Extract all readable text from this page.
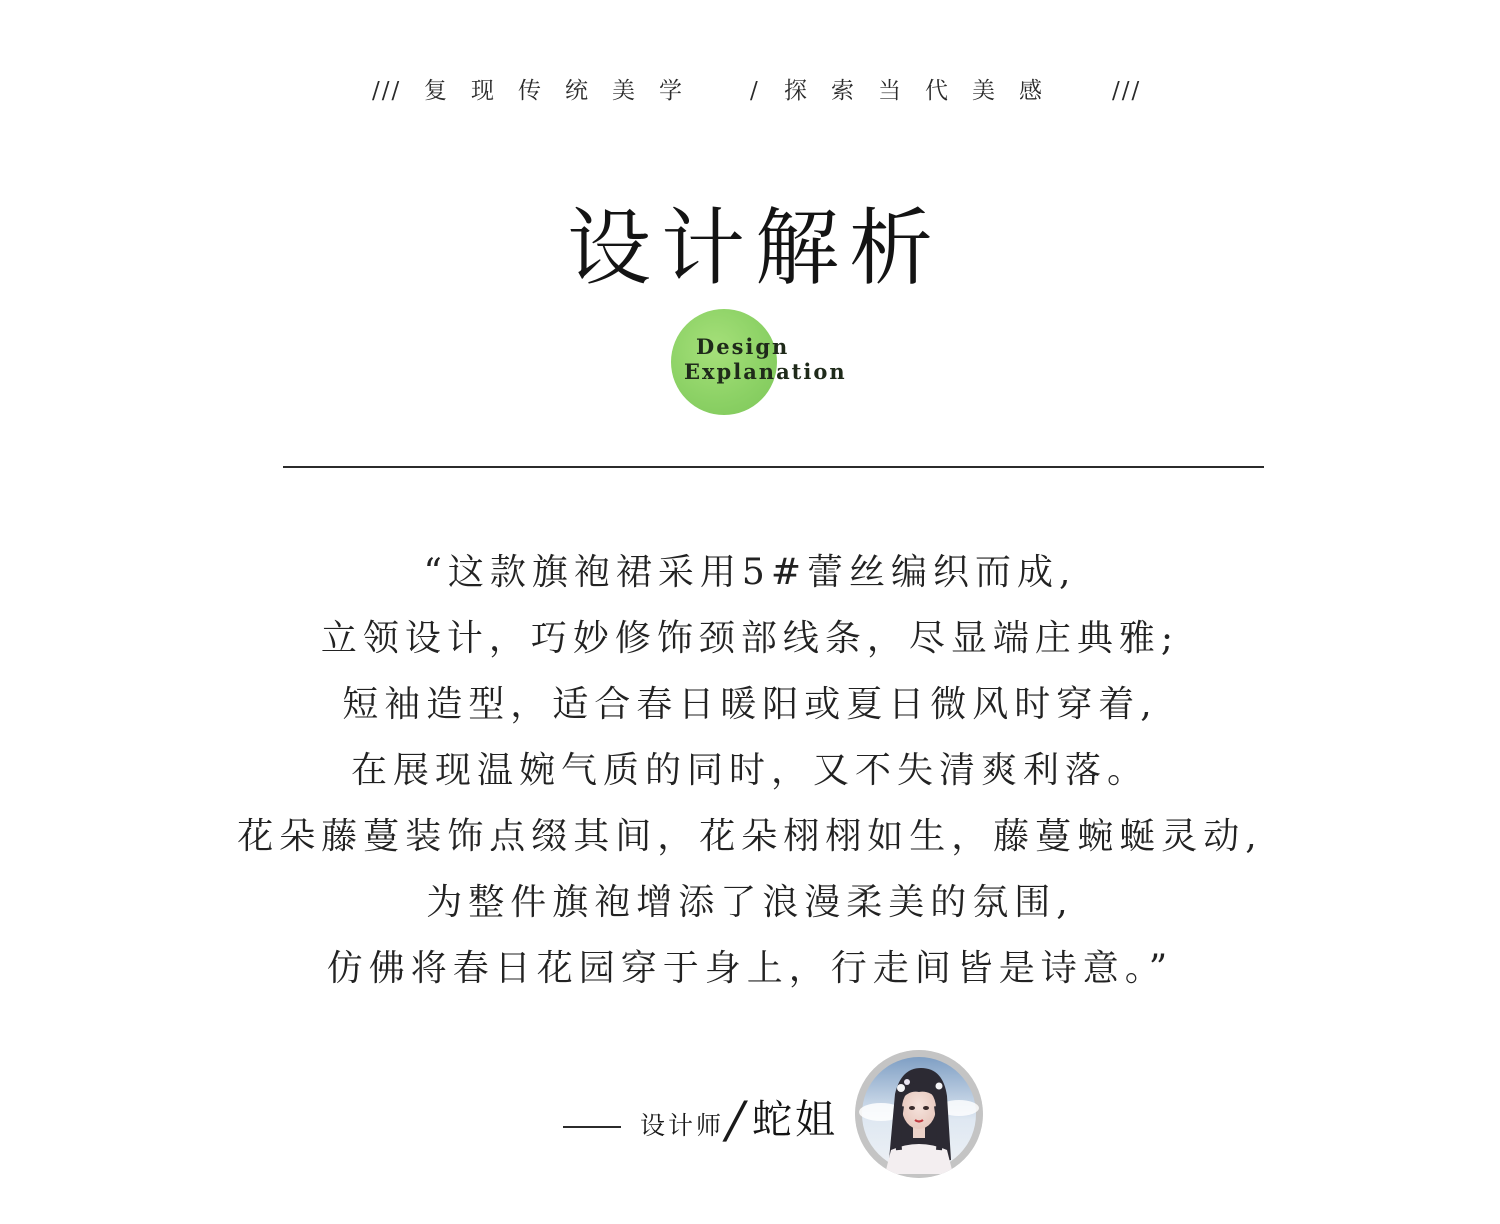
/// 复现传统美学 / 探索当代美感 ///
设计解析
Design
Explanation
“这款旗袍裙采用5#蕾丝编织而成,
立领设计，巧妙修饰颈部线条，尽显端庄典雅;
短袖造型，适合春日暖阳或夏日微风时穿着,
在展现温婉气质的同时，又不失清爽利落。
花朵藤蔓装饰点缀其间，花朵栩栩如生，藤蔓蜿蜒灵动,
为整件旗袍增添了浪漫柔美的氛围,
仿佛将春日花园穿于身上，行走间皆是诗意。”
设计师
/ 蛇姐
